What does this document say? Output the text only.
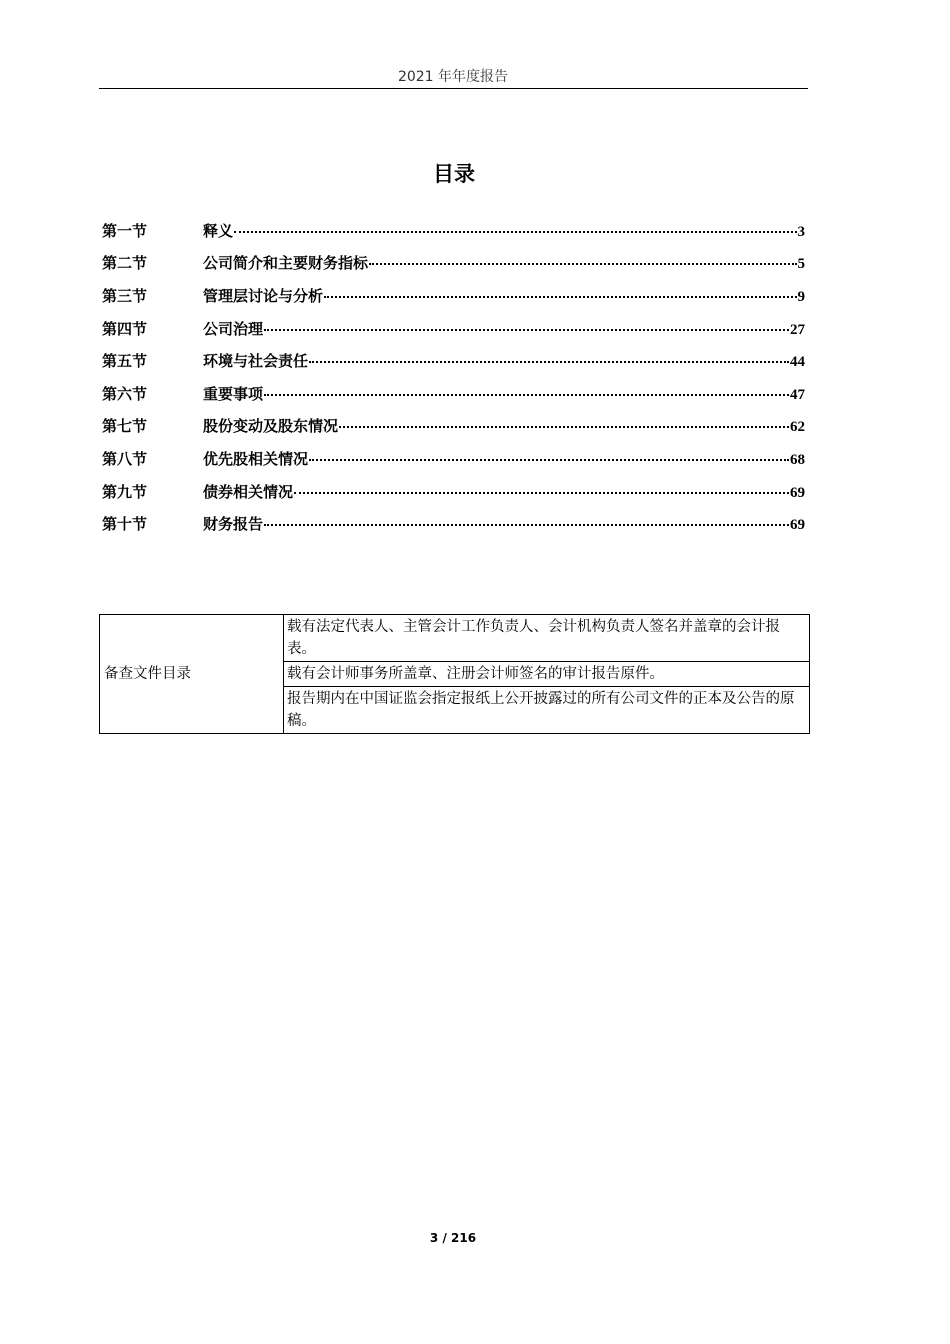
2021 年年度报告
目录
第一节	释义	3
第二节	公司简介和主要财务指标	5
第三节	管理层讨论与分析	9
第四节	公司治理	27
第五节	环境与社会责任	44
第六节	重要事项	47
第七节	股份变动及股东情况	62
第八节	优先股相关情况	68
第九节	债券相关情况	69
第十节	财务报告	69
备查文件目录	载有法定代表人、主管会计工作负责人、会计机构负责人签名并盖章的会计报表。
载有会计师事务所盖章、注册会计师签名的审计报告原件。
报告期内在中国证监会指定报纸上公开披露过的所有公司文件的正本及公告的原稿。
3 / 216
